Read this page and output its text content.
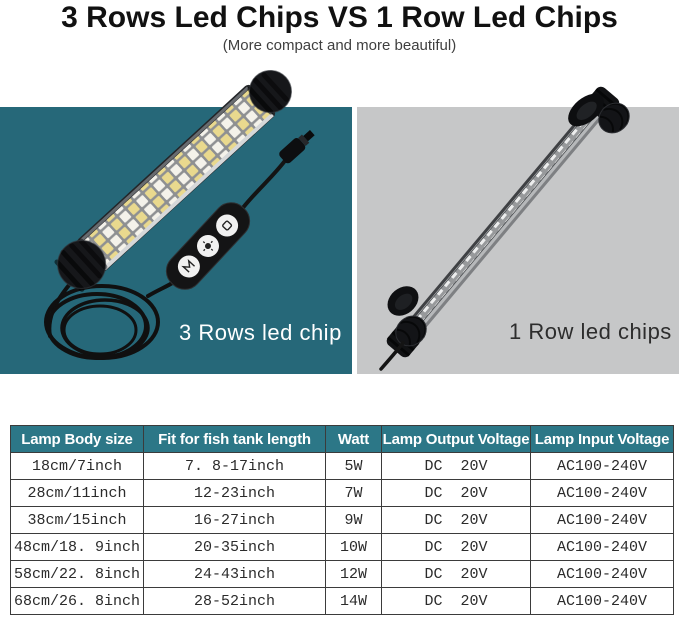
3 Rows Led Chips VS 1 Row Led Chips
(More compact and more beautiful)
3 Rows led chip	1 Row led chips
Lamp Body size	Fit for fish tank length	Watt	Lamp Output Voltage	Lamp Input Voltage
18cm/7inch	7. 8-17inch	5W	DC  20V	AC100-240V
28cm/11inch	12-23inch	7W	DC  20V	AC100-240V
38cm/15inch	16-27inch	9W	DC  20V	AC100-240V
48cm/18. 9inch	20-35inch	10W	DC  20V	AC100-240V
58cm/22. 8inch	24-43inch	12W	DC  20V	AC100-240V
68cm/26. 8inch	28-52inch	14W	DC  20V	AC100-240V
